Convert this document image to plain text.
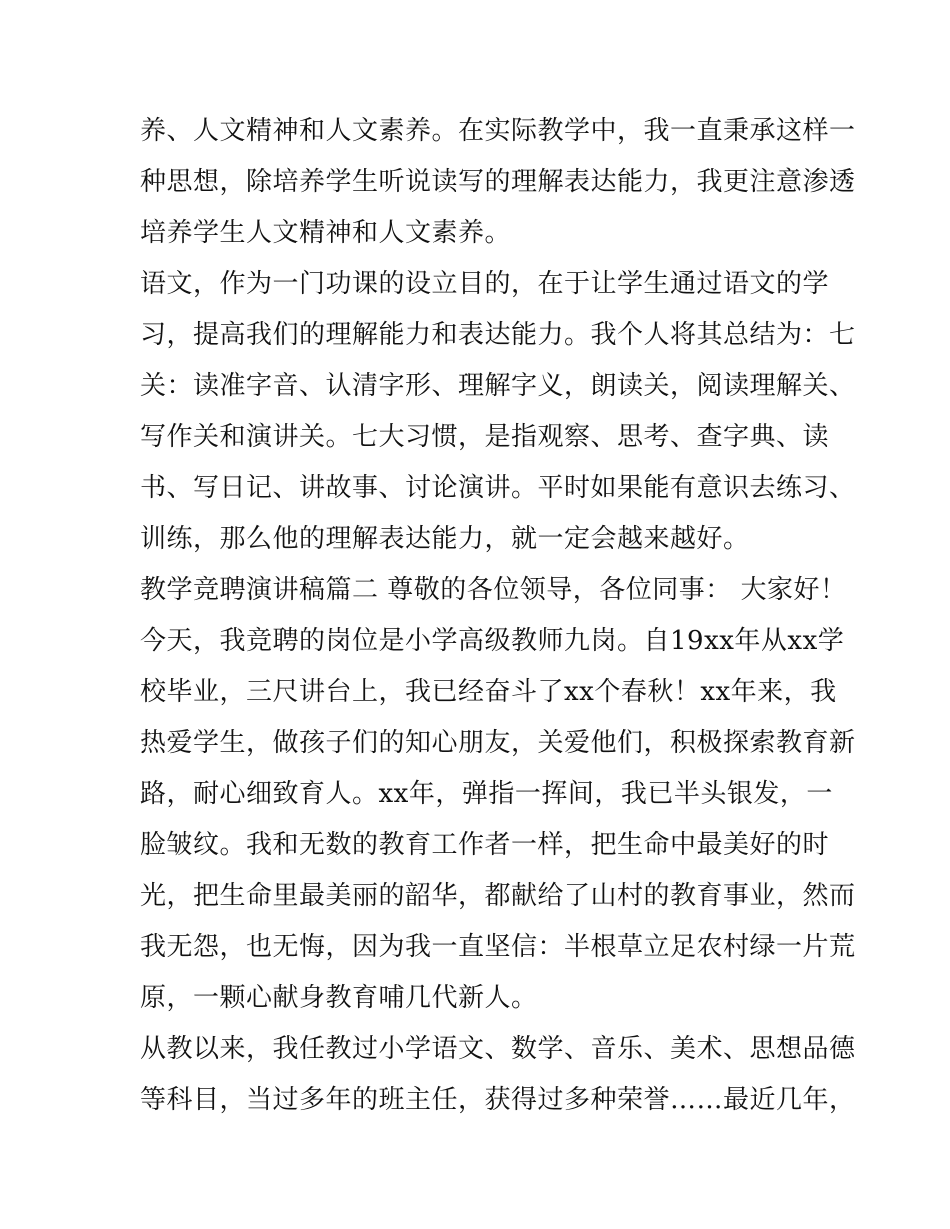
养、人文精神和人文素养。在实际教学中，我一直秉承这样一
种思想，除培养学生听说读写的理解表达能力，我更注意渗透
培养学生人文精神和人文素养。
语文，作为一门功课的设立目的，在于让学生通过语文的学
习，提高我们的理解能力和表达能力。我个人将其总结为：七
关：读准字音、认清字形、理解字义，朗读关，阅读理解关、
写作关和演讲关。七大习惯，是指观察、思考、查字典、读
书、写日记、讲故事、讨论演讲。平时如果能有意识去练习、
训练，那么他的理解表达能力，就一定会越来越好。
教学竞聘演讲稿篇二 尊敬的各位领导，各位同事： 大家好！
今天，我竞聘的岗位是小学高级教师九岗。自19xx年从xx学
校毕业，三尺讲台上，我已经奋斗了xx个春秋！xx年来，我
热爱学生，做孩子们的知心朋友，关爱他们，积极探索教育新
路，耐心细致育人。xx年，弹指一挥间，我已半头银发，一
脸皱纹。我和无数的教育工作者一样，把生命中最美好的时
光，把生命里最美丽的韶华，都献给了山村的教育事业，然而
我无怨，也无悔，因为我一直坚信：半根草立足农村绿一片荒
原，一颗心献身教育哺几代新人。
从教以来，我任教过小学语文、数学、音乐、美术、思想品德
等科目，当过多年的班主任，获得过多种荣誉……最近几年，
